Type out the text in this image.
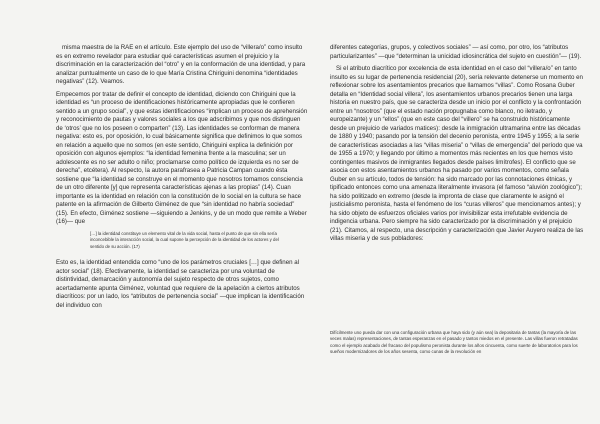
misma maestra de la RAE en el artículo. Este ejemplo del uso de “villera/o” como insulto es en extremo revelador para estudiar qué características asumen el prejuicio y la discriminación en la caracterización del “otro” y en la conformación de una identidad, y para analizar puntualmente un caso de lo que María Cristina Chiriguini denomina “identidades negativas” (12). Veamos.

Empecemos por tratar de definir el concepto de identidad, diciendo con Chiriguini que la identidad es “un proceso de identificaciones históricamente apropiadas que le confieren sentido a un grupo social”, y que estas identificaciones “implican un proceso de aprehensión y reconocimiento de pautas y valores sociales a los que adscribimos y que nos distinguen de ‘otros’ que no los poseen o comparten” (13). Las identidades se conforman de manera negativa: esto es, por oposición, lo cual básicamente significa que definimos lo que somos en relación a aquello que no somos (en este sentido, Chiriguini explica la definición por oposición con algunos ejemplos: “la identidad femenina frente a la masculina; ser un adolescente es no ser adulto o niño; proclamarse como político de izquierda es no ser de derecha”, etcétera). Al respecto, la autora parafrasea a Patricia Campan cuando ésta sostiene que “la identidad se construye en el momento que nosotros tomamos consciencia de un otro diferente [y] que representa características ajenas a las propias” (14). Cuan importante es la identidad en relación con la constitución de lo social en la cultura se hace patente en la afirmación de Gilberto Giménez de que “sin identidad no habría sociedad” (15). En efecto, Giménez sostiene —siguiendo a Jenkins, y de un modo que remite a Weber (16)— que

[…] la identidad constituye un elemento vital de la vida social, hasta el punto de que sin ella sería inconcebible la interacción social, la cual supone la percepción de la identidad de los actores y del sentido de su acción. (17)

Esto es, la identidad entendida como “uno de los parámetros cruciales […] que definen al actor social” (18). Efectivamente, la identidad se caracteriza por una voluntad de distintividad, demarcación y autonomía del sujeto respecto de otros sujetos, como acertadamente apunta Giménez, voluntad que requiere de la apelación a ciertos atributos diacríticos: por un lado, los “atributos de pertenencia social” —que implican la identificación del individuo con

diferentes categorías, grupos, y colectivos sociales” — así como, por otro, los “atributos particularizantes” —que “determinan la unicidad idiosincrática del sujeto en cuestión”— (19).

Si el atributo diacrítico por excelencia de esta identidad en el caso del “villera/o” en tanto insulto es su lugar de pertenencia residencial (20), sería relevante detenerse un momento en reflexionar sobre los asentamientos precarios que llamamos “villas”. Como Rosana Guber detalla en “Identidad social villera”, los asentamientos urbanos precarios tienen una larga historia en nuestro país, que se caracteriza desde un inicio por el conflicto y la confrontación entre un “nosotros” (que el estado nación propugnaba como blanco, no iletrado, y europeizante) y un “ellos” (que en este caso del “villero” se ha construido históricamente desde un prejuicio de variados matices): desde la inmigración ultramarina entre las décadas de 1880 y 1940; pasando por la tensión del decenio peronista, entre 1945 y 1955; a la serie de características asociadas a las “villas miseria” o “villas de emergencia” del período que va de 1955 a 1970; y llegando por último a momentos más recientes en los que hemos visto contingentes masivos de inmigrantes llegados desde países limítrofes). El conflicto que se asocia con estos asentamientos urbanos ha pasado por varios momentos, como señala Guber en su artículo, todos de tensión: ha sido marcado por las connotaciones étnicas, y tipificado entonces como una amenaza literalmente invasora (el famoso “aluvión zoológico”); ha sido politizado en extremo (desde la impronta de clase que claramente le asignó el justicialismo peronista, hasta el fenómeno de los “curas villeros” que mencionamos antes); y ha sido objeto de esfuerzos oficiales varios por invisibilizar esta irrefutable evidencia de indigencia urbana. Pero siempre ha sido caracterizado por la discriminación y el prejuicio (21). Citamos, al respecto, una descripción y caracterización que Javier Auyero realiza de las villas miseria y de sus pobladores:

Difícilmente uno pueda dar con una configuración urbana que haya sido (y aún sea) la depositaria de tantas (la mayoría de las veces malas) representaciones, de tantas esperanzas en el pasado y tantos miedos en el presente. Las villas fueron retratadas como el ejemplo acabado del fracaso del populismo peronista durante los años cincuenta, como suerte de laboratorios para los sueños modernizadores de los años sesenta, como cunas de la revolución en
